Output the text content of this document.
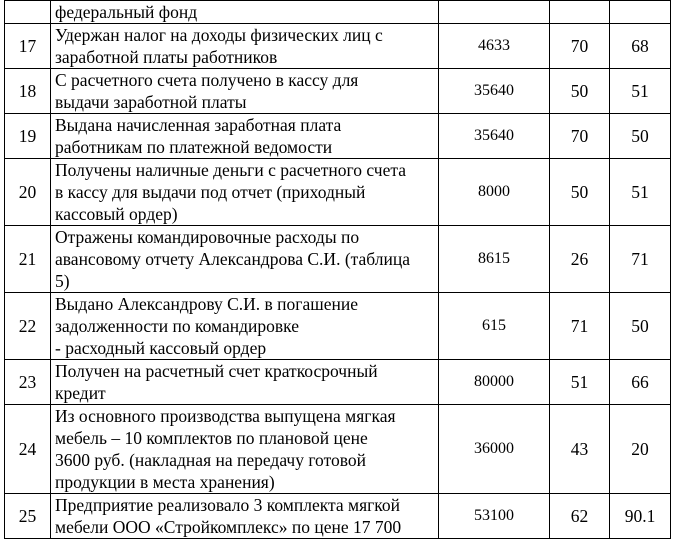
	федеральный фонд			
17	Удержан налог на доходы физических лиц с
заработной платы работников	4633	70	68
18	С расчетного счета получено в кассу для
выдачи заработной платы	35640	50	51
19	Выдана начисленная заработная плата
работникам по платежной ведомости	35640	70	50
20	Получены наличные деньги с расчетного счета
в кассу для выдачи под отчет (приходный
кассовый ордер)	8000	50	51
21	Отражены командировочные расходы по
авансовому отчету Александрова С.И. (таблица
5)	8615	26	71
22	Выдано Александрову С.И. в погашение
задолженности по командировке
- расходный кассовый ордер	615	71	50
23	Получен на расчетный счет краткосрочный
кредит	80000	51	66
24	Из основного производства выпущена мягкая
мебель – 10 комплектов по плановой цене
3600 руб. (накладная на передачу готовой
продукции в места хранения)	36000	43	20
25	Предприятие реализовало 3 комплекта мягкой
мебели ООО «Стройкомплекс» по цене 17 700	53100	62	90.1
